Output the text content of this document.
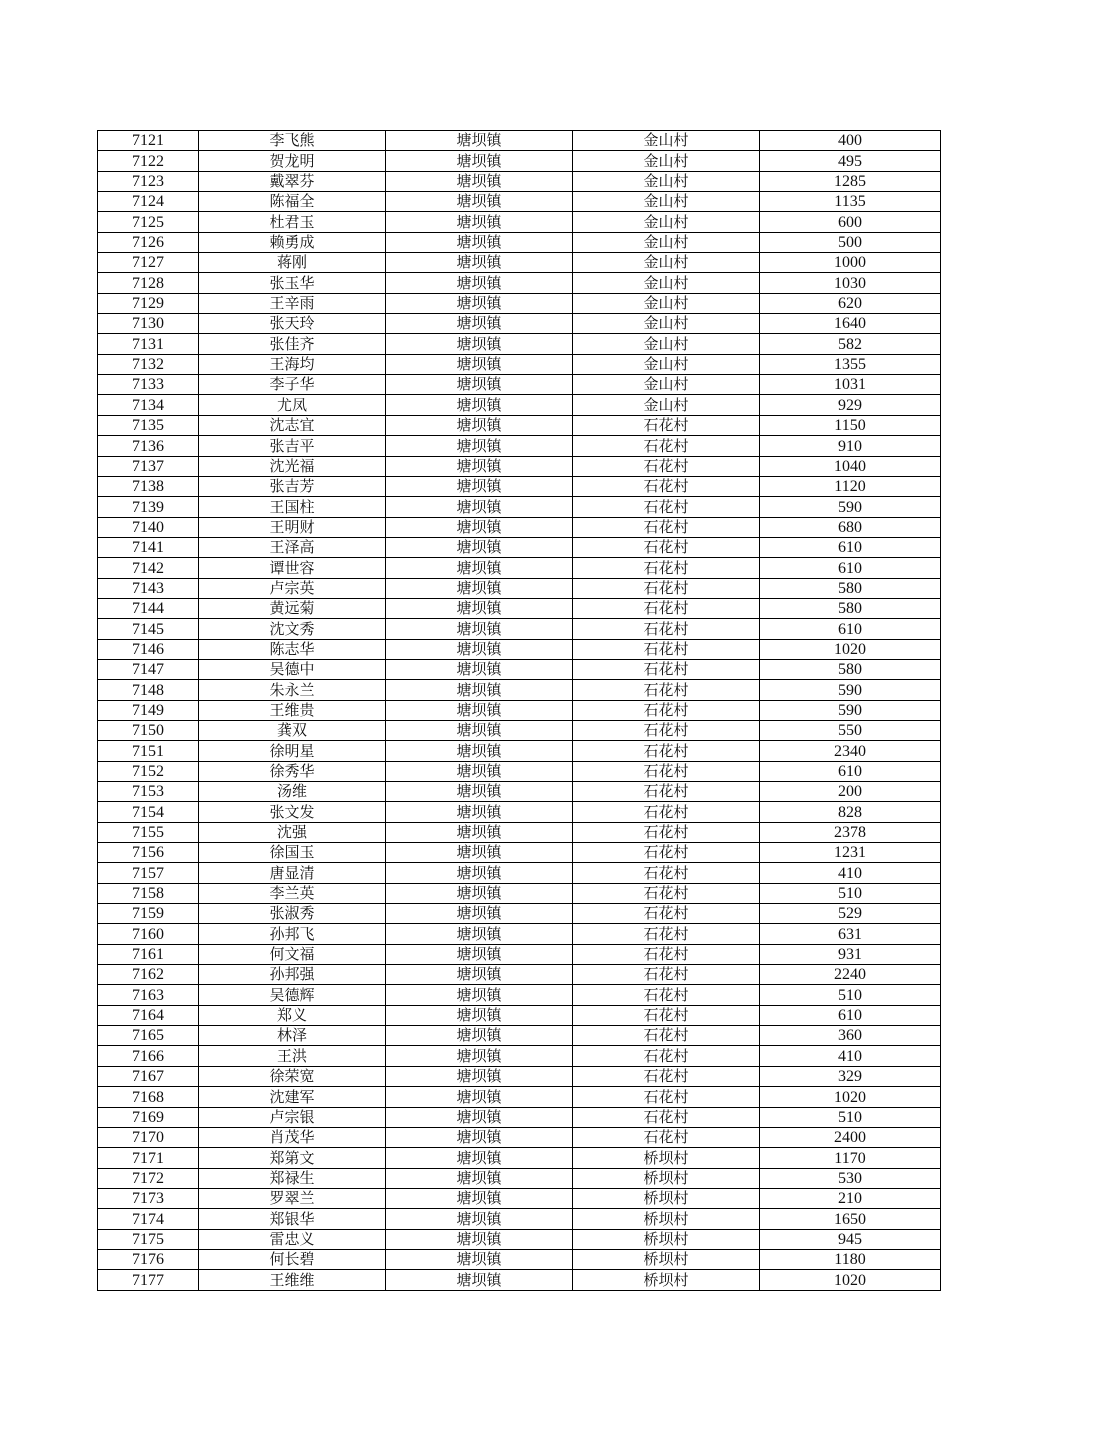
7121	李飞熊	塘坝镇	金山村	400
7122	贺龙明	塘坝镇	金山村	495
7123	戴翠芬	塘坝镇	金山村	1285
7124	陈福全	塘坝镇	金山村	1135
7125	杜君玉	塘坝镇	金山村	600
7126	赖勇成	塘坝镇	金山村	500
7127	蒋刚	塘坝镇	金山村	1000
7128	张玉华	塘坝镇	金山村	1030
7129	王辛雨	塘坝镇	金山村	620
7130	张天玲	塘坝镇	金山村	1640
7131	张佳齐	塘坝镇	金山村	582
7132	王海均	塘坝镇	金山村	1355
7133	李子华	塘坝镇	金山村	1031
7134	尤凤	塘坝镇	金山村	929
7135	沈志宜	塘坝镇	石花村	1150
7136	张吉平	塘坝镇	石花村	910
7137	沈光福	塘坝镇	石花村	1040
7138	张吉芳	塘坝镇	石花村	1120
7139	王国柱	塘坝镇	石花村	590
7140	王明财	塘坝镇	石花村	680
7141	王泽高	塘坝镇	石花村	610
7142	谭世容	塘坝镇	石花村	610
7143	卢宗英	塘坝镇	石花村	580
7144	黄远菊	塘坝镇	石花村	580
7145	沈文秀	塘坝镇	石花村	610
7146	陈志华	塘坝镇	石花村	1020
7147	吴德中	塘坝镇	石花村	580
7148	朱永兰	塘坝镇	石花村	590
7149	王维贵	塘坝镇	石花村	590
7150	龚双	塘坝镇	石花村	550
7151	徐明星	塘坝镇	石花村	2340
7152	徐秀华	塘坝镇	石花村	610
7153	汤维	塘坝镇	石花村	200
7154	张文发	塘坝镇	石花村	828
7155	沈强	塘坝镇	石花村	2378
7156	徐国玉	塘坝镇	石花村	1231
7157	唐显清	塘坝镇	石花村	410
7158	李兰英	塘坝镇	石花村	510
7159	张淑秀	塘坝镇	石花村	529
7160	孙邦飞	塘坝镇	石花村	631
7161	何文福	塘坝镇	石花村	931
7162	孙邦强	塘坝镇	石花村	2240
7163	吴德辉	塘坝镇	石花村	510
7164	郑义	塘坝镇	石花村	610
7165	林泽	塘坝镇	石花村	360
7166	王洪	塘坝镇	石花村	410
7167	徐荣宽	塘坝镇	石花村	329
7168	沈建军	塘坝镇	石花村	1020
7169	卢宗银	塘坝镇	石花村	510
7170	肖茂华	塘坝镇	石花村	2400
7171	郑第文	塘坝镇	桥坝村	1170
7172	郑禄生	塘坝镇	桥坝村	530
7173	罗翠兰	塘坝镇	桥坝村	210
7174	郑银华	塘坝镇	桥坝村	1650
7175	雷忠义	塘坝镇	桥坝村	945
7176	何长碧	塘坝镇	桥坝村	1180
7177	王维维	塘坝镇	桥坝村	1020
